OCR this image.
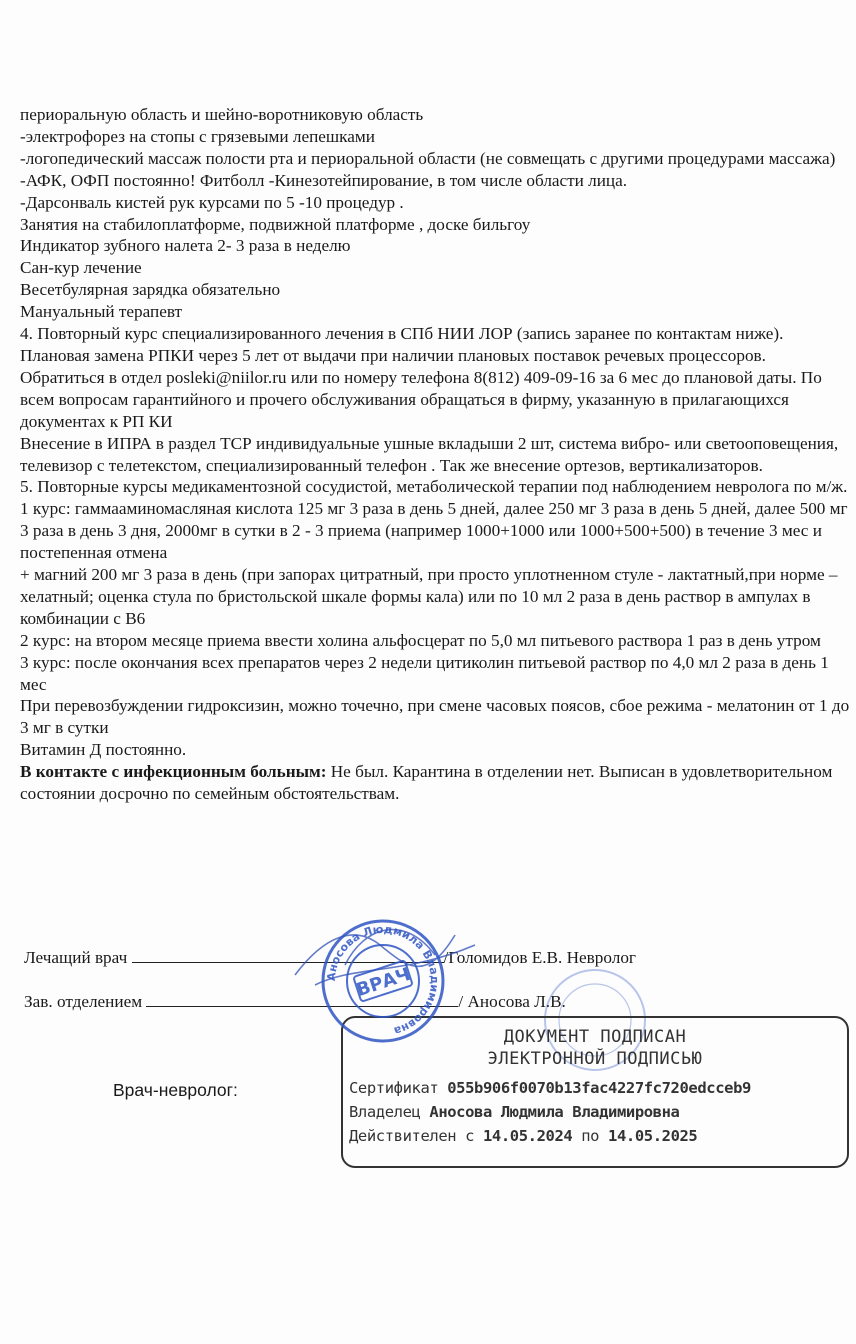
периоральную область и шейно-воротниковую область

-электрофорез на стопы с грязевыми лепешками

-логопедический массаж полости рта и периоральной области (не совмещать с другими процедурами массажа)

-АФК, ОФП постоянно! Фитболл -Кинезотейпирование, в том числе области лица.

-Дарсонваль кистей рук курсами по 5 -10 процедур .

Занятия на стабилоплатформе, подвижной платформе , доске бильгоу

Индикатор зубного налета 2- 3 раза в неделю

Сан-кур лечение

Весeтбулярная зарядка обязательно

Мануальный терапевт

4. Повторный курс специализированного лечения в СПб НИИ ЛОР (запись заранее по контактам ниже). Плановая замена РПКИ через 5 лет от выдачи при наличии плановых поставок речевых процессоров. Обратиться в отдел posleki@niilor.ru или по номеру телефона 8(812) 409-09-16 за 6 мес до плановой даты. По всем вопросам гарантийного и прочего обслуживания обращаться в фирму, указанную в прилагающихся документах к РП КИ

Внесение в ИПРА в раздел ТСР индивидуальные ушные вкладыши 2 шт, система вибро- или светооповещения, телевизор с телетекстом, специализированный телефон . Так же внесение ортезов, вертикализаторов.

5. Повторные курсы медикаментозной сосудистой, метаболической терапии под наблюдением невролога по м/ж.

1 курс: гаммааминомасляная кислота 125 мг 3 раза в день 5 дней, далее 250 мг 3 раза в день 5 дней, далее 500 мг 3 раза в день 3 дня, 2000мг в сутки в 2 - 3 приема (например 1000+1000 или 1000+500+500) в течение 3 мес и постепенная отмена

+ магний 200 мг 3 раза в день (при запорах цитратный, при просто уплотненном стуле - лактатный,при норме – хелатный; оценка стула по бристольской шкале формы кала) или по 10 мл 2 раза в день раствор в ампулах в комбинации с В6

2 курс: на втором месяце приема ввести холина альфосцерат по 5,0 мл питьевого раствора 1 раз в день утром

3 курс: после окончания всех препаратов через 2 недели цитиколин питьевой раствор по 4,0 мл 2 раза в день 1 мес

При перевозбуждении гидроксизин, можно точечно, при смене часовых поясов, сбое режима - мелатонин от 1 до 3 мг в сутки

Витамин Д постоянно.

В контакте с инфекционным больным: Не был. Карантина в отделении нет. Выписан в удовлетворительном состоянии досрочно по семейным обстоятельствам.

Лечащий врач	/Голомидов Е.В. Невролог
Зав. отделением	/ Аносова Л.В.
Врач-невролог:
ДОКУМЕНТ ПОДПИСАН
ЭЛЕКТРОННОЙ ПОДПИСЬЮ
Сертификат 055b906f0070b13fac4227fc720edcceb9
Владелец Аносова Людмила Владимировна
Действителен с 14.05.2024 по 14.05.2025
Аносова Людмила Владимировна
ВРАЧ
